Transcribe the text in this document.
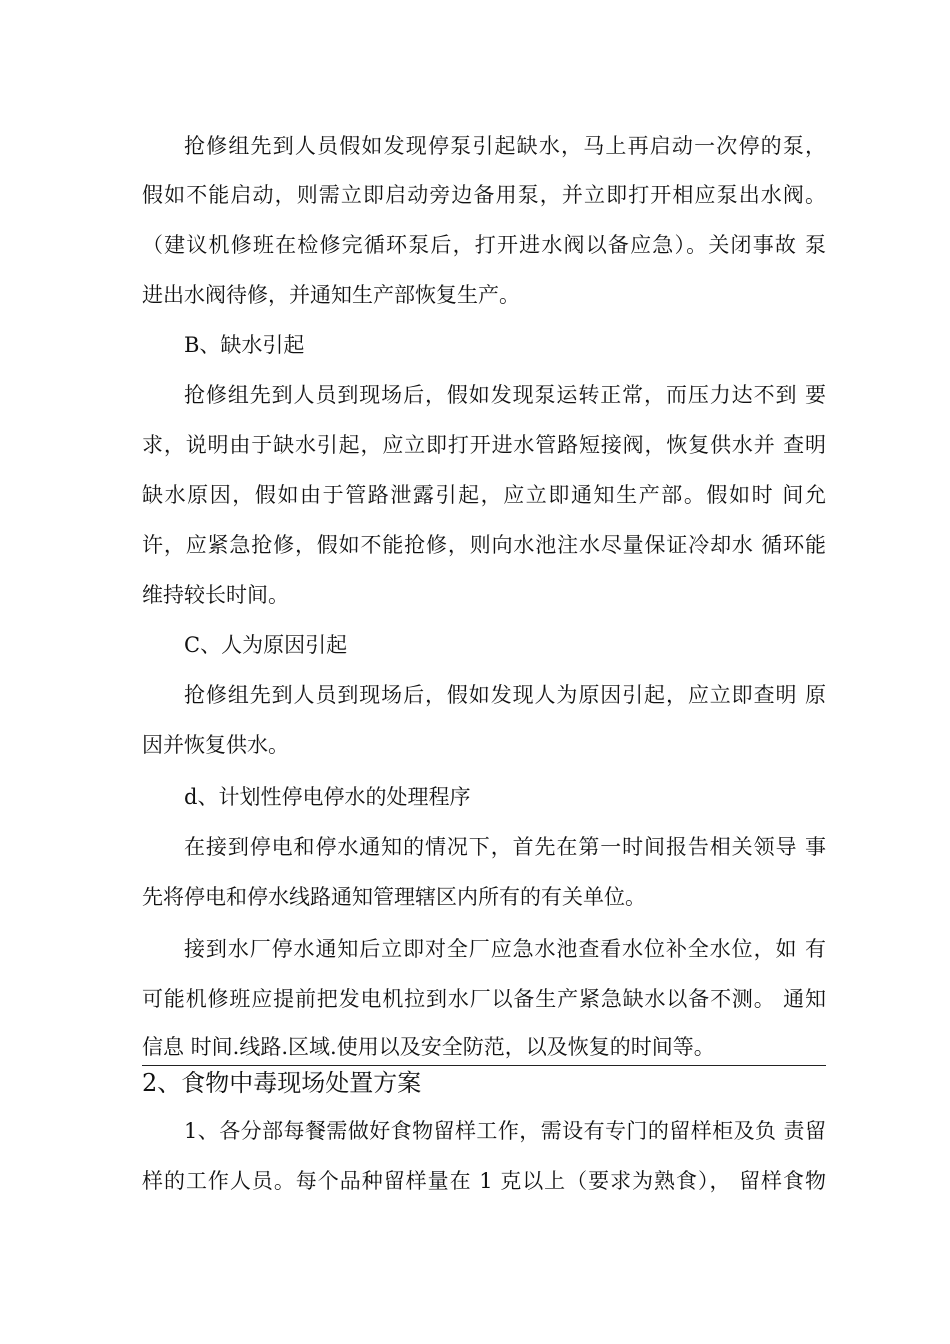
抢修组先到人员假如发现停泵引起缺水，马上再启动一次停的泵，
假如不能启动，则需立即启动旁边备用泵，并立即打开相应泵出水阀。
（建议机修班在检修完循环泵后，打开进水阀以备应急）。关闭事故 泵
进出水阀待修，并通知生产部恢复生产。
B、缺水引起
抢修组先到人员到现场后，假如发现泵运转正常，而压力达不到 要
求，说明由于缺水引起，应立即打开进水管路短接阀，恢复供水并 查明
缺水原因，假如由于管路泄露引起，应立即通知生产部。假如时 间允
许，应紧急抢修，假如不能抢修，则向水池注水尽量保证冷却水 循环能
维持较长时间。
C、人为原因引起
抢修组先到人员到现场后，假如发现人为原因引起，应立即查明 原
因并恢复供水。
d、计划性停电停水的处理程序
在接到停电和停水通知的情况下，首先在第一时间报告相关领导 事
先将停电和停水线路通知管理辖区内所有的有关单位。
接到水厂停水通知后立即对全厂应急水池查看水位补全水位，如 有
可能机修班应提前把发电机拉到水厂以备生产紧急缺水以备不测。 通知
信息 时间.线路.区域.使用以及安全防范，以及恢复的时间等。
2、食物中毒现场处置方案
1、各分部每餐需做好食物留样工作，需设有专门的留样柜及负 责留
样的工作人员。每个品种留样量在 1 克以上（要求为熟食）， 留样食物
